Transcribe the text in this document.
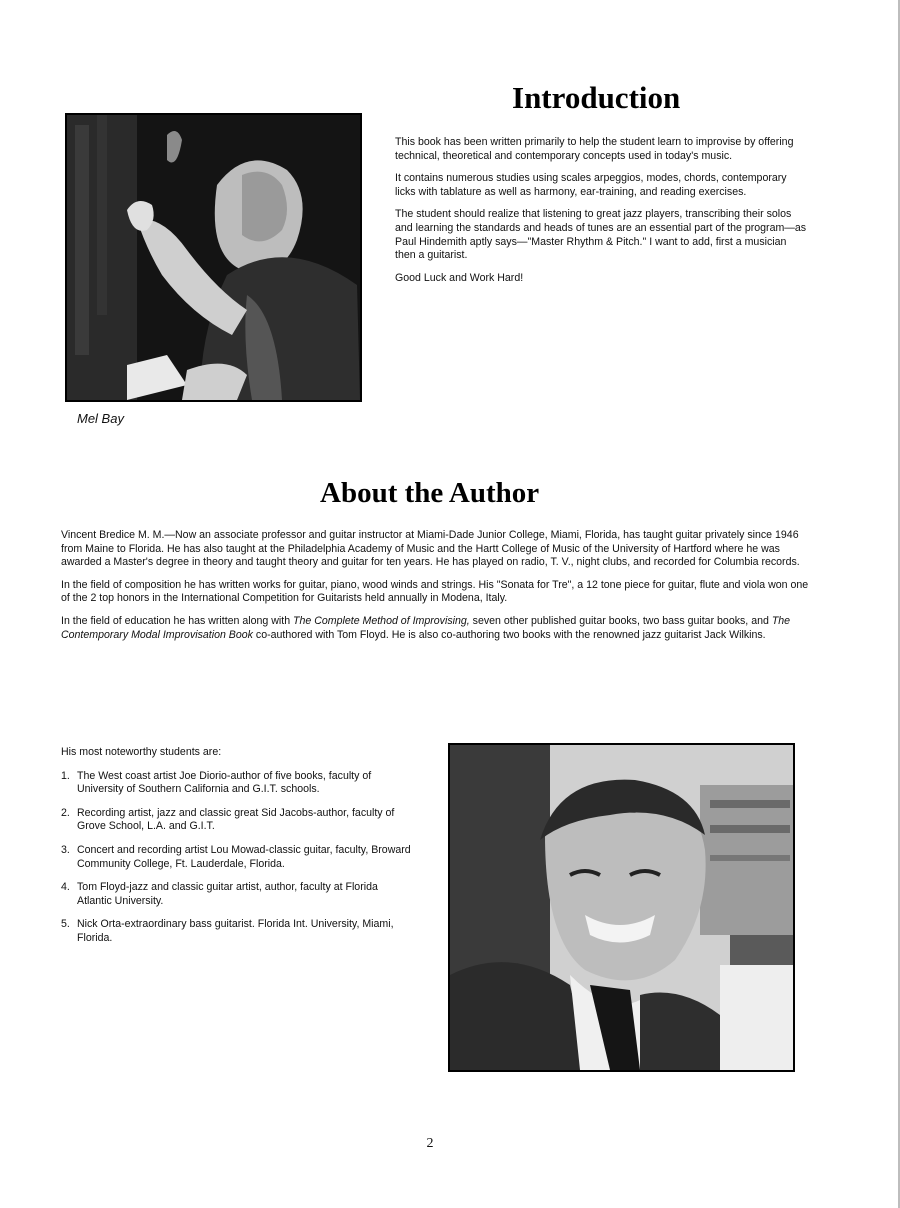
Mel Bay
Introduction

This book has been written primarily to help the student learn to improvise by offering technical, theoretical and contemporary concepts used in today's music.

It contains numerous studies using scales arpeggios, modes, chords, contemporary licks with tablature as well as harmony, ear-training, and reading exercises.

The student should realize that listening to great jazz players, transcribing their solos and learning the standards and heads of tunes are an essential part of the program—as Paul Hindemith aptly says—"Master Rhythm & Pitch." I want to add, first a musician then a guitarist.

Good Luck and Work Hard!

About the Author

Vincent Bredice M. M.—Now an associate professor and guitar instructor at Miami-Dade Junior College, Miami, Florida, has taught guitar privately since 1946 from Maine to Florida. He has also taught at the Philadelphia Academy of Music and the Hartt College of Music of the University of Hartford where he was awarded a Master's degree in theory and taught theory and guitar for ten years. He has played on radio, T. V., night clubs, and recorded for Columbia records.

In the field of composition he has written works for guitar, piano, wood winds and strings. His "Sonata for Tre", a 12 tone piece for guitar, flute and viola won one of the 2 top honors in the International Competition for Guitarists held annually in Modena, Italy.

In the field of education he has written along with The Complete Method of Improvising, seven other published guitar books, two bass guitar books, and The Contemporary Modal Improvisation Book co-authored with Tom Floyd. He is also co-authoring two books with the renowned jazz guitarist Jack Wilkins.

His most noteworthy students are:

1. The West coast artist Joe Diorio-author of five books, faculty of University of Southern California and G.I.T. schools.
2. Recording artist, jazz and classic great Sid Jacobs-author, faculty of Grove School, L.A. and G.I.T.
3. Concert and recording artist Lou Mowad-classic guitar, faculty, Broward Community College, Ft. Lauderdale, Florida.
4. Tom Floyd-jazz and classic guitar artist, author, faculty at Florida Atlantic University.
5. Nick Orta-extraordinary bass guitarist. Florida Int. University, Miami, Florida.
2
